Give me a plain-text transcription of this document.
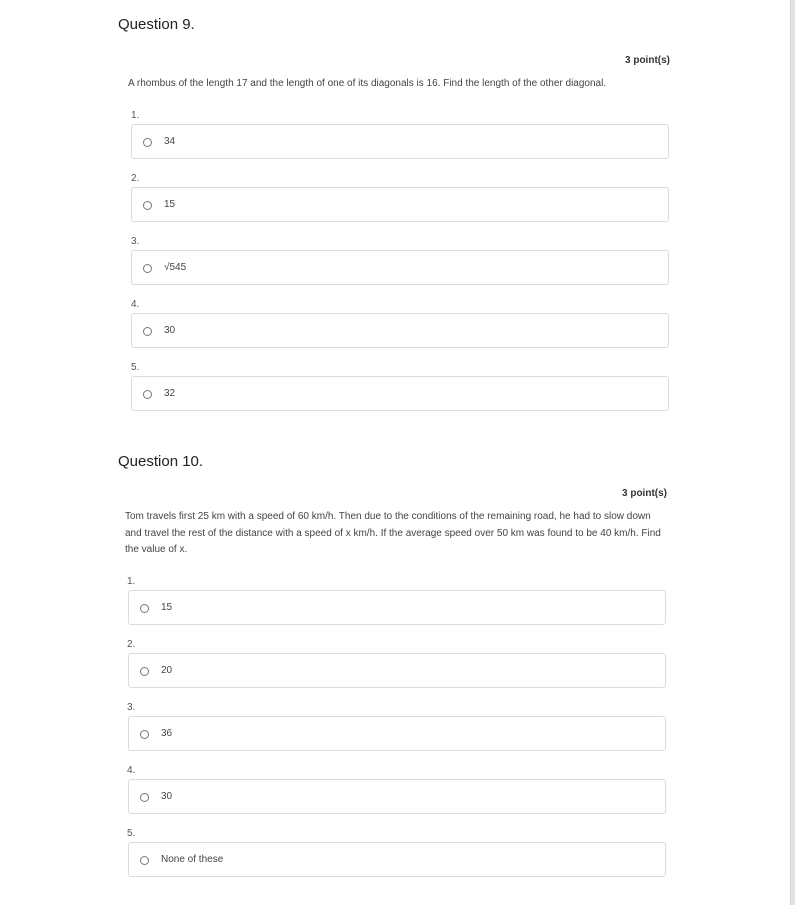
Question 9.
3 point(s)
A rhombus of the length 17 and the length of one of its diagonals is 16. Find the length of the other diagonal.
1.
34
2.
15
3.
√545
4.
30
5.
32
Question 10.
3 point(s)
Tom travels first 25 km with a speed of 60 km/h. Then due to the conditions of the remaining road, he had to slow down
and travel the rest of the distance with a speed of x km/h. If the average speed over 50 km was found to be 40 km/h. Find
the value of x.
1.
15
2.
20
3.
36
4.
30
5.
None of these
